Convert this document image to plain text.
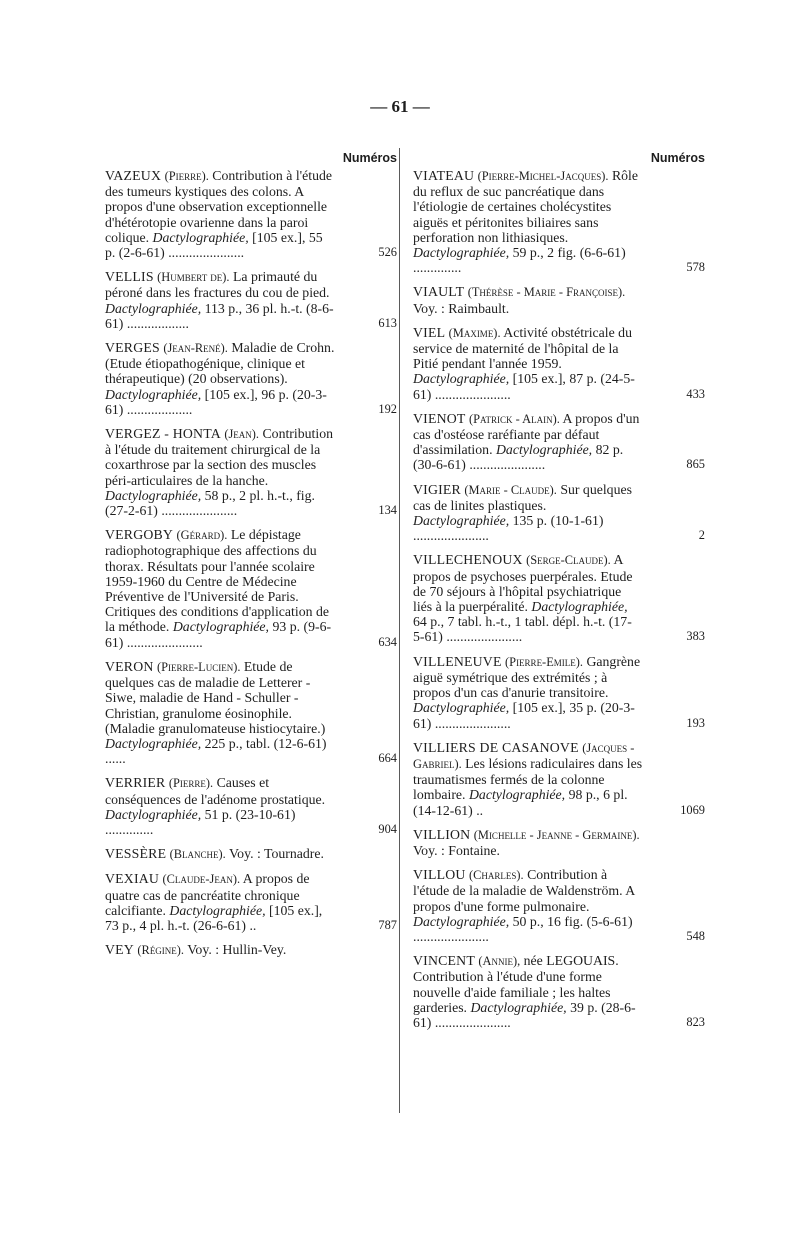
— 61 —
Numéros
VAZEUX (Pierre). Contribution à l'étude des tumeurs kystiques des colons. A propos d'une observation exceptionnelle d'hétérotopie ovarienne dans la paroi colique. Dactylographiée, [105 ex.], 55 p. (2-6-61) ......................	526
VELLIS (Humbert de). La primauté du péroné dans les fractures du cou de pied. Dactylographiée, 113 p., 36 pl. h.-t. (8-6-61) ..................	613
VERGES (Jean-René). Maladie de Crohn. (Etude étiopathogénique, clinique et thérapeutique) (20 observations). Dactylographiée, [105 ex.], 96 p. (20-3-61) ...................	192
VERGEZ - HONTA (Jean). Contribution à l'étude du traitement chirurgical de la coxarthrose par la section des muscles péri-articulaires de la hanche. Dactylographiée, 58 p., 2 pl. h.-t., fig. (27-2-61) ......................	134
VERGOBY (Gérard). Le dépistage radiophotographique des affections du thorax. Résultats pour l'année scolaire 1959-1960 du Centre de Médecine Préventive de l'Université de Paris. Critiques des conditions d'application de la méthode. Dactylographiée, 93 p. (9-6-61) ......................	634
VERON (Pierre-Lucien). Etude de quelques cas de maladie de Letterer - Siwe, maladie de Hand - Schuller - Christian, granulome éosinophile. (Maladie granulomateuse histiocytaire.) Dactylographiée, 225 p., tabl. (12-6-61) ......	664
VERRIER (Pierre). Causes et conséquences de l'adénome prostatique. Dactylographiée, 51 p. (23-10-61) ..............	904
VESSÈRE (Blanche). Voy. : Tournadre.
VEXIAU (Claude-Jean). A propos de quatre cas de pancréatite chronique calcifiante. Dactylographiée, [105 ex.], 73 p., 4 pl. h.-t. (26-6-61) ..	787
VEY (Régine). Voy. : Hullin-Vey.
Numéros
VIATEAU (Pierre-Michel-Jacques). Rôle du reflux de suc pancréatique dans l'étiologie de certaines cholécystites aiguës et péritonites biliaires sans perforation non lithiasiques. Dactylographiée, 59 p., 2 fig. (6-6-61) ..............	578
VIAULT (Thérèse - Marie - Françoise). Voy. : Raimbault.
VIEL (Maxime). Activité obstétricale du service de maternité de l'hôpital de la Pitié pendant l'année 1959. Dactylographiée, [105 ex.], 87 p. (24-5-61) ......................	433
VIENOT (Patrick - Alain). A propos d'un cas d'ostéose raréfiante par défaut d'assimilation. Dactylographiée, 82 p. (30-6-61) ......................	865
VIGIER (Marie - Claude). Sur quelques cas de linites plastiques. Dactylographiée, 135 p. (10-1-61) ......................	2
VILLECHENOUX (Serge-Claude). A propos de psychoses puerpérales. Etude de 70 séjours à l'hôpital psychiatrique liés à la puerpéralité. Dactylographiée, 64 p., 7 tabl. h.-t., 1 tabl. dépl. h.-t. (17-5-61) ......................	383
VILLENEUVE (Pierre-Emile). Gangrène aiguë symétrique des extrémités ; à propos d'un cas d'anurie transitoire. Dactylographiée, [105 ex.], 35 p. (20-3-61) ......................	193
VILLIERS DE CASANOVE (Jacques - Gabriel). Les lésions radiculaires dans les traumatismes fermés de la colonne lombaire. Dactylographiée, 98 p., 6 pl. (14-12-61) ..	1069
VILLION (Michelle - Jeanne - Germaine). Voy. : Fontaine.
VILLOU (Charles). Contribution à l'étude de la maladie de Waldenström. A propos d'une forme pulmonaire. Dactylographiée, 50 p., 16 fig. (5-6-61) ......................	548
VINCENT (Annie), née LEGOUAIS. Contribution à l'étude d'une forme nouvelle d'aide familiale ; les haltes garderies. Dactylographiée, 39 p. (28-6-61) ......................	823
